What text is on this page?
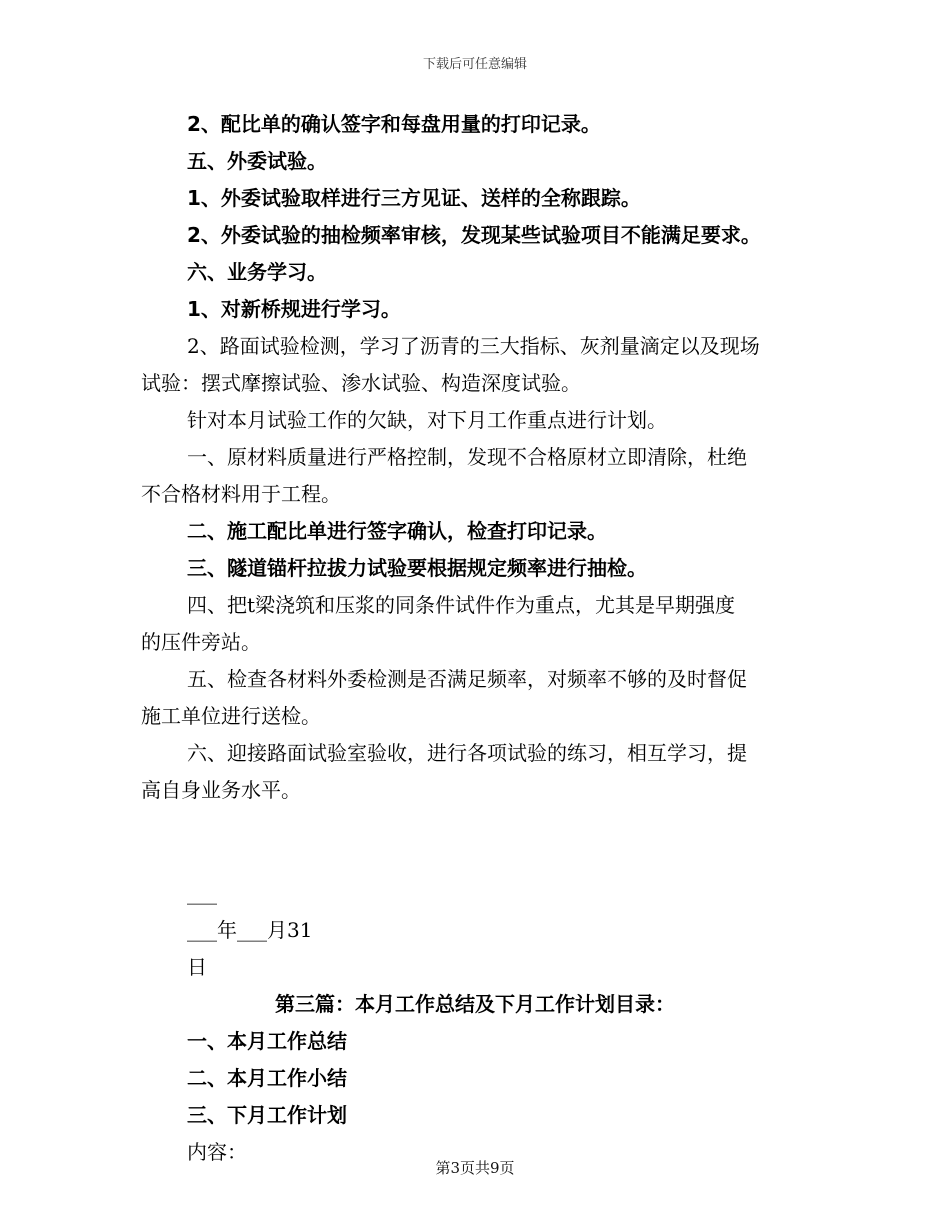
下载后可任意编辑

2、配比单的确认签字和每盘用量的打印记录。

五、外委试验。

1、外委试验取样进行三方见证、送样的全称跟踪。

2、外委试验的抽检频率审核，发现某些试验项目不能满足要求。

六、业务学习。

1、对新桥规进行学习。

2、路面试验检测，学习了沥青的三大指标、灰剂量滴定以及现场

试验：摆式摩擦试验、渗水试验、构造深度试验。

针对本月试验工作的欠缺，对下月工作重点进行计划。

一、原材料质量进行严格控制，发现不合格原材立即清除，杜绝

不合格材料用于工程。

二、施工配比单进行签字确认，检查打印记录。

三、隧道锚杆拉拔力试验要根据规定频率进行抽检。

四、把t梁浇筑和压浆的同条件试件作为重点，尤其是早期强度

的压件旁站。

五、检查各材料外委检测是否满足频率，对频率不够的及时督促

施工单位进行送检。

六、迎接路面试验室验收，进行各项试验的练习，相互学习，提

高自身业务水平。

___

___年___月31

日

第三篇：本月工作总结及下月工作计划目录：

一、本月工作总结

二、本月工作小结

三、下月工作计划

内容：

第3页共9页
